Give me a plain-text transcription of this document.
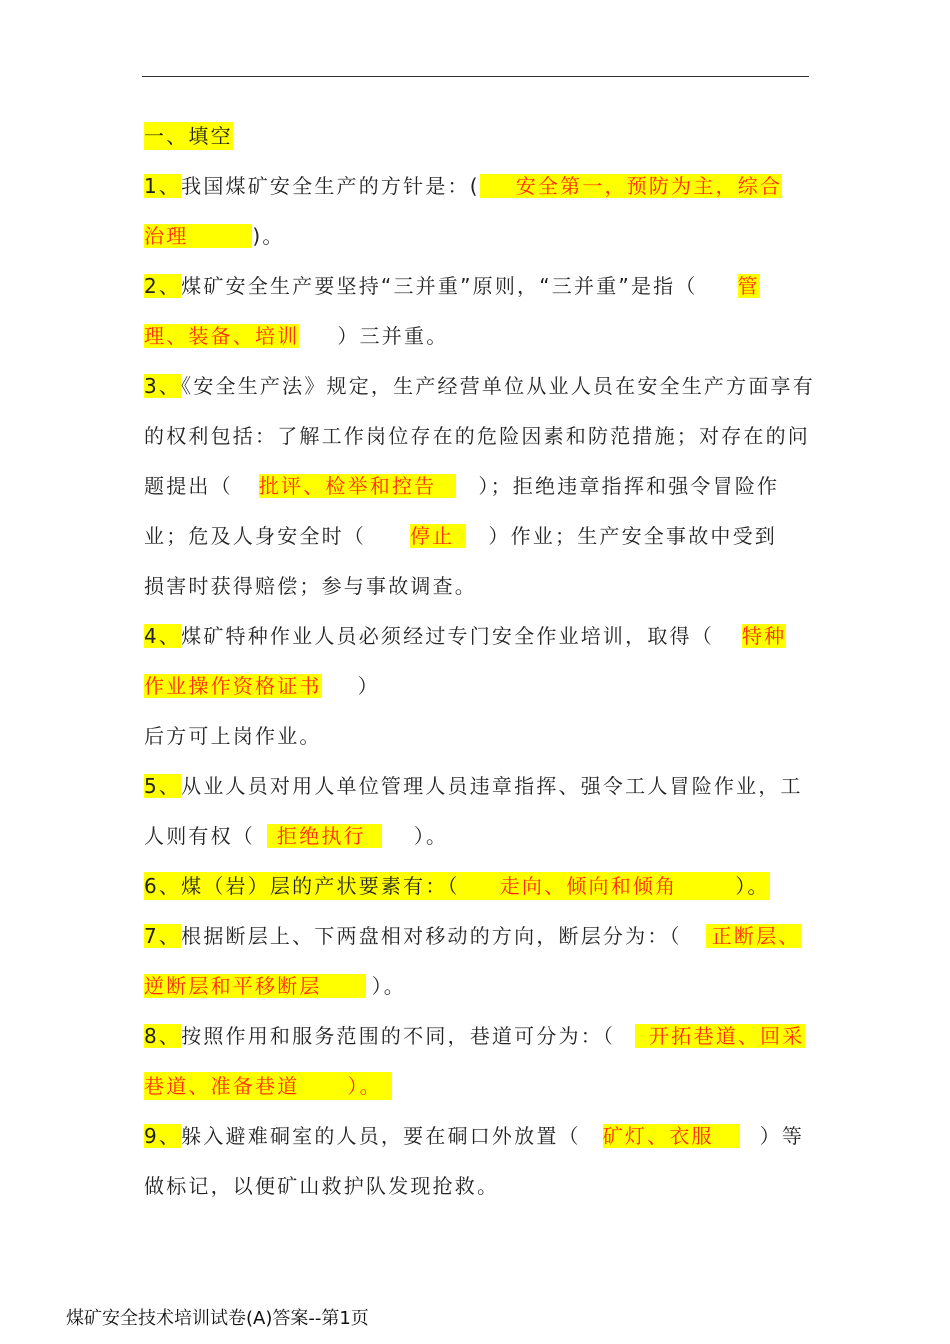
一、填空
1、我国煤矿安全生产的方针是：( 安全第一，预防为主，综合
治理	)。
2、煤矿安全生产要坚持“三并重”原则，“三并重”是指（ 管
理、装备、培训 ）三并重。
3、《安全生产法》规定，生产经营单位从业人员在安全生产方面享有
的权利包括：了解工作岗位存在的危险因素和防范措施；对存在的问
题提出（ 批评、检举和控告 ）；拒绝违章指挥和强令冒险作
业；危及人身安全时（ 停止 ）作业；生产安全事故中受到
损害时获得赔偿；参与事故调查。
4、煤矿特种作业人员必须经过专门安全作业培训，取得（ 特种
作业操作资格证书 ）
后方可上岗作业。
5、从业人员对用人单位管理人员违章指挥、强令工人冒险作业，工
人则有权（ 拒绝执行 ）。
6、煤（岩）层的产状要素有：（ 走向、倾向和倾角	）。
7、根据断层上、下两盘相对移动的方向，断层分为：（ 正断层、
逆断层和平移断层	）。
8、按照作用和服务范围的不同，巷道可分为：（ 开拓巷道、回采
巷道、准备巷道 ）。
9、躲入避难硐室的人员，要在硐口外放置（ 矿灯、衣服 ）等
做标记，以便矿山救护队发现抢救。
煤矿安全技术培训试卷(A)答案--第1页
